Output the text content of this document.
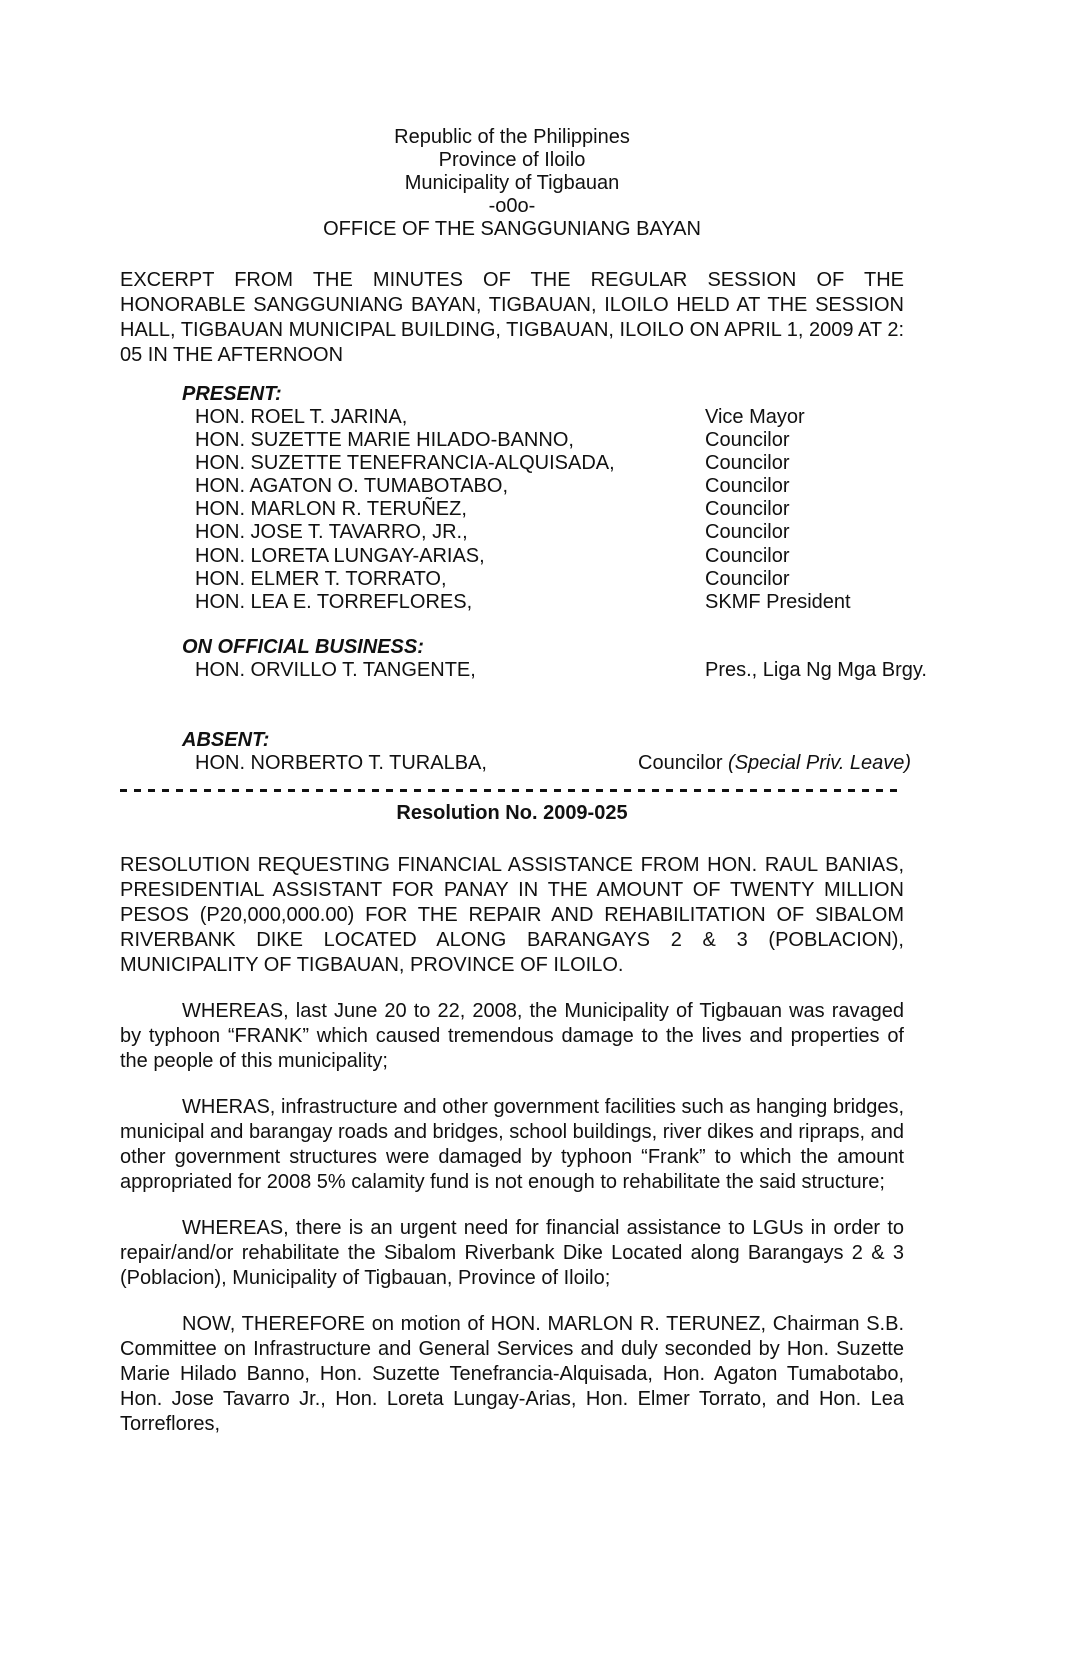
Republic of the Philippines
Province of Iloilo
Municipality of Tigbauan
-o0o-
OFFICE OF THE SANGGUNIANG BAYAN

EXCERPT FROM THE MINUTES OF THE REGULAR SESSION OF THE HONORABLE SANGGUNIANG BAYAN, TIGBAUAN, ILOILO HELD AT THE SESSION HALL, TIGBAUAN MUNICIPAL BUILDING, TIGBAUAN, ILOILO ON APRIL 1, 2009 AT 2: 05 IN THE AFTERNOON

PRESENT:
HON. ROEL T. JARINA,	Vice Mayor
HON. SUZETTE MARIE HILADO-BANNO,	Councilor
HON. SUZETTE TENEFRANCIA-ALQUISADA,	Councilor
HON. AGATON O. TUMABOTABO,	Councilor
HON. MARLON R. TERUÑEZ,	Councilor
HON. JOSE T. TAVARRO, JR.,	Councilor
HON. LORETA LUNGAY-ARIAS,	Councilor
HON. ELMER T. TORRATO,	Councilor
HON. LEA E. TORREFLORES,	SKMF President
ON OFFICIAL BUSINESS:
HON. ORVILLO T. TANGENTE,	Pres., Liga Ng Mga Brgy.
ABSENT:
HON. NORBERTO T. TURALBA,	Councilor (Special Priv. Leave)

Resolution No. 2009-025

RESOLUTION REQUESTING FINANCIAL ASSISTANCE FROM HON. RAUL BANIAS, PRESIDENTIAL ASSISTANT FOR PANAY IN THE AMOUNT OF TWENTY MILLION PESOS (P20,000,000.00) FOR THE REPAIR AND REHABILITATION OF SIBALOM RIVERBANK DIKE LOCATED ALONG BARANGAYS 2 & 3 (POBLACION), MUNICIPALITY OF TIGBAUAN, PROVINCE OF ILOILO.

WHEREAS, last June 20 to 22, 2008, the Municipality of Tigbauan was ravaged by typhoon “FRANK” which caused tremendous damage to the lives and properties of the people of this municipality;

WHERAS, infrastructure and other government facilities such as hanging bridges, municipal and barangay roads and bridges, school buildings, river dikes and ripraps, and other government structures were damaged by typhoon “Frank” to which the amount appropriated for 2008 5% calamity fund is not enough to rehabilitate the said structure;

WHEREAS, there is an urgent need for financial assistance to LGUs in order to repair/and/or rehabilitate the Sibalom Riverbank Dike Located along Barangays 2 & 3 (Poblacion), Municipality of Tigbauan, Province of Iloilo;

NOW, THEREFORE on motion of HON. MARLON R. TERUNEZ, Chairman S.B. Committee on Infrastructure and General Services and duly seconded by Hon. Suzette Marie Hilado Banno, Hon. Suzette Tenefrancia-Alquisada, Hon. Agaton Tumabotabo, Hon. Jose Tavarro Jr., Hon. Loreta Lungay-Arias, Hon. Elmer Torrato, and Hon. Lea Torreflores,
